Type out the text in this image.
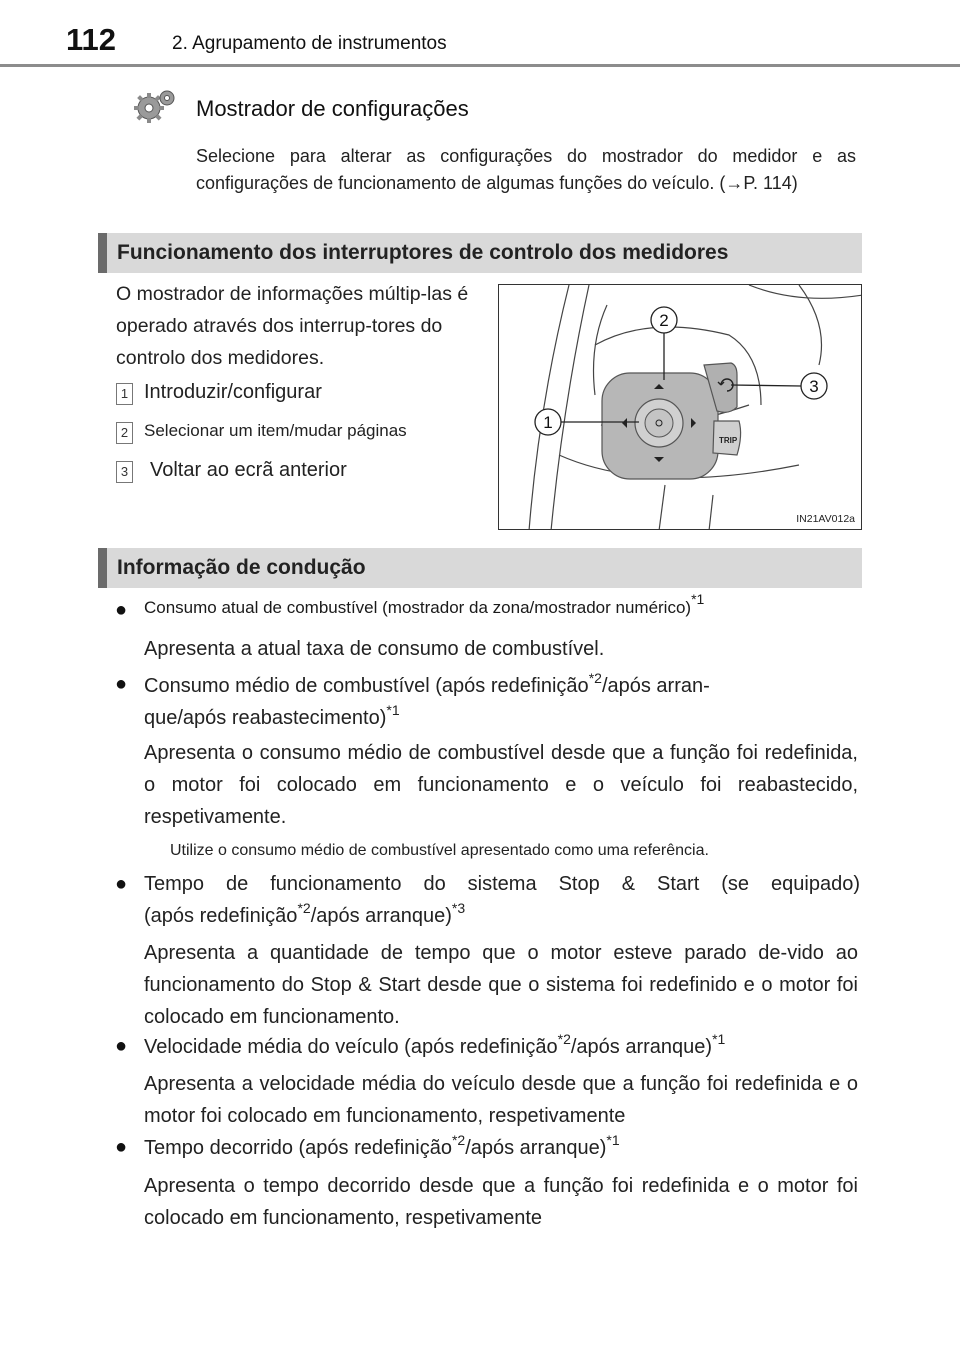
112	2. Agrupamento de instrumentos
Mostrador de configurações
Selecione para alterar as configurações do mostrador do medidor e as configurações de funcionamento de algumas funções do veículo. (→P. 114)
Funcionamento dos interruptores de controlo dos medidores
O mostrador de informações múltip-las é operado através dos interrup-tores do controlo dos medidores.
1 Introduzir/configurar
2 Selecionar um item/mudar páginas
3 Voltar ao ecrã anterior
TRIP
1
2
3
IN21AV012a
Informação de condução
● Consumo atual de combustível (mostrador da zona/mostrador numérico)$^{*1}$
Apresenta a atual taxa de consumo de combustível.
● Consumo médio de combustível (após redefinição$^{*2}$/após arran-
que/após reabastecimento)$^{*1}$
Apresenta o consumo médio de combustível desde que a função foi redefinida, o motor foi colocado em funcionamento e o veículo foi reabastecido, respetivamente.
Utilize o consumo médio de combustível apresentado como uma referência.
● Tempo de funcionamento do sistema Stop & Start (se equipado)
(após redefinição$^{*2}$/após arranque)$^{*3}$
Apresenta a quantidade de tempo que o motor esteve parado de-vido ao funcionamento do Stop & Start desde que o sistema foi redefinido e o motor foi colocado em funcionamento.
● Velocidade média do veículo (após redefinição$^{*2}$/após arranque)$^{*1}$
Apresenta a velocidade média do veículo desde que a função foi redefinida e o motor foi colocado em funcionamento, respetivamente
● Tempo decorrido (após redefinição$^{*2}$/após arranque)$^{*1}$
Apresenta o tempo decorrido desde que a função foi redefinida e o motor foi colocado em funcionamento, respetivamente
